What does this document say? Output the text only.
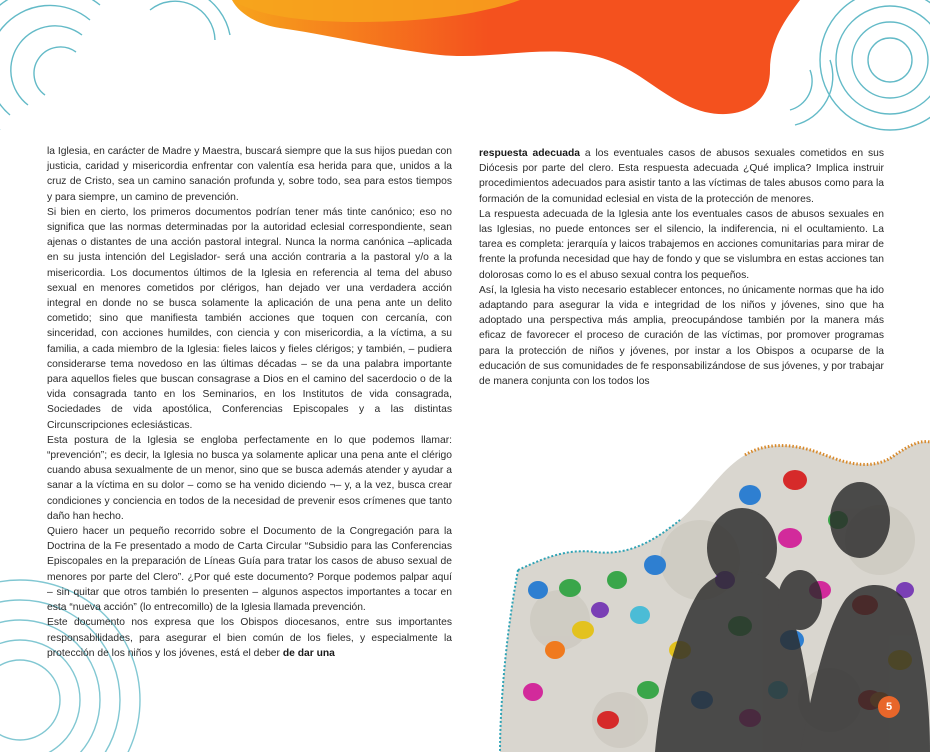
la Iglesia, en carácter de Madre y Maestra, buscará siempre que la sus hijos puedan con justicia, caridad y misericordia enfrentar con valentía esa herida para que, unidos a la cruz de Cristo, sea un camino sanación profunda y, sobre todo, sea para estos tiempos y para siempre, un camino de prevención.

Si bien en cierto, los primeros documentos podrían tener más tinte canónico; eso no significa que las normas determinadas por la autoridad eclesial correspondiente, sean ajenas o distantes de una acción pastoral integral. Nunca la norma canónica –aplicada en su justa intención del Legislador- será una acción contraria a la pastoral y/o a la misericordia. Los documentos últimos de la Iglesia en referencia al tema del abuso sexual en menores cometidos por clérigos, han dejado ver una verdadera acción integral en donde no se busca solamente la aplicación de una pena ante un delito cometido; sino que manifiesta también acciones que toquen con cercanía, con sinceridad, con acciones humildes, con ciencia y con misericordia, a la víctima, a su familia, a cada miembro de la Iglesia: fieles laicos y fieles clérigos; y también, – pudiera considerarse tema novedoso en las últimas décadas – se da una palabra importante para aquellos fieles que buscan consagrase a Dios en el camino del sacerdocio o de la vida consagrada tanto en los Seminarios, en los Institutos de vida consagrada, Sociedades de vida apostólica, Conferencias Episcopales y a las distintas Circunscripciones eclesiásticas.

Esta postura de la Iglesia se engloba perfectamente en lo que podemos llamar: “prevención”; es decir, la Iglesia no busca ya solamente aplicar una pena ante el clérigo cuando abusa sexualmente de un menor, sino que se busca además atender y ayudar a sanar a la víctima en su dolor – como se ha venido diciendo ¬– y, a la vez, busca crear condiciones y conciencia en todos de la necesidad de prevenir esos crímenes que tanto daño han hecho.

Quiero hacer un pequeño recorrido sobre el Documento de la Congregación para la Doctrina de la Fe presentado a modo de Carta Circular “Subsidio para las Conferencias Episcopales en la preparación de Líneas Guía para tratar los casos de abuso sexual de menores por parte del Clero”. ¿Por qué este documento? Porque podemos palpar aquí – sin quitar que otros también lo presenten – algunos aspectos importantes a tocar en esta “nueva acción” (lo entrecomillo) de la Iglesia llamada prevención.

Este documento nos expresa que los Obispos diocesanos, entre sus importantes responsabilidades, para asegurar el bien común de los fieles, y especialmente la protección de los niños y los jóvenes, está el deber de dar una

respuesta adecuada a los eventuales casos de abusos sexuales cometidos en sus Diócesis por parte del clero. Esta respuesta adecuada ¿Qué implica? Implica instruir procedimientos adecuados para asistir tanto a las víctimas de tales abusos como para la formación de la comunidad eclesial en vista de la protección de menores.

La respuesta adecuada de la Iglesia ante los eventuales casos de abusos sexuales en las Iglesias, no puede entonces ser el silencio, la indiferencia, ni el ocultamiento. La tarea es completa: jerarquía y laicos trabajemos en acciones comunitarias para mirar de frente la profunda necesidad que hay de fondo y que se vislumbra en estas acciones tan dolorosas como lo es el abuso sexual contra los pequeños.

Así, la Iglesia ha visto necesario establecer entonces, no únicamente normas que ha ido adaptando para asegurar la vida e integridad de los niños y jóvenes, sino que ha adoptado una perspectiva más amplia, preocupándose también por la manera más eficaz de favorecer el proceso de curación de las víctimas, por promover programas para la protección de niños y jóvenes, por instar a los Obispos a ocuparse de la educación de sus comunidades de fe responsabilizándose de sus jóvenes, y por trabajar de manera conjunta con los todos los

5
